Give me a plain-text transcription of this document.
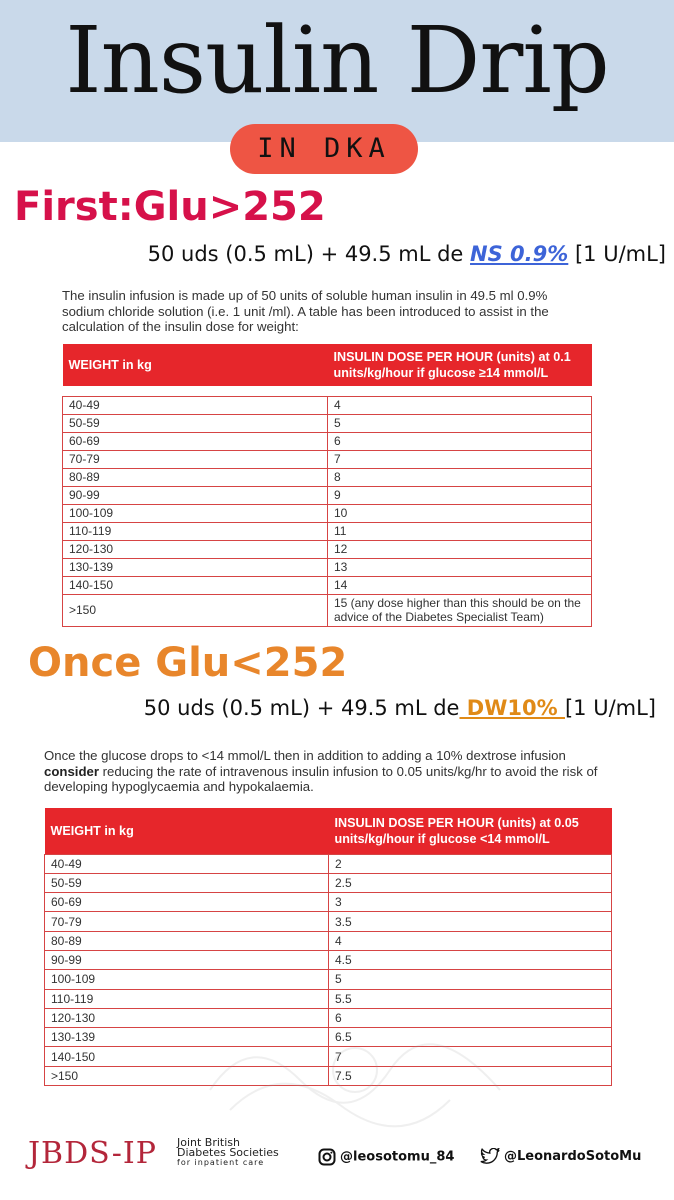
Insulin Drip
IN DKA
First:Glu>252
50 uds (0.5 mL) + 49.5 mL de NS 0.9% [1 U/mL]
The insulin infusion is made up of 50 units of soluble human insulin in 49.5 ml 0.9% sodium chloride solution (i.e. 1 unit /ml). A table has been introduced to assist in the calculation of the insulin dose for weight:
WEIGHT in kg	INSULIN DOSE PER HOUR (units) at 0.1 units/kg/hour if glucose ≥14 mmol/L

40-49	4
50-59	5
60-69	6
70-79	7
80-89	8
90-99	9
100-109	10
110-119	11
120-130	12
130-139	13
140-150	14
>150	15 (any dose higher than this should be on the advice of the Diabetes Specialist Team)
Once Glu<252
50 uds (0.5 mL) + 49.5 mL de DW10% [1 U/mL]
Once the glucose drops to <14 mmol/L then in addition to adding a 10% dextrose infusion consider reducing the rate of intravenous insulin infusion to 0.05 units/kg/hr to avoid the risk of developing hypoglycaemia and hypokalaemia.
WEIGHT in kg	INSULIN DOSE PER HOUR (units) at 0.05 units/kg/hour if glucose <14 mmol/L
40-49	2
50-59	2.5
60-69	3
70-79	3.5
80-89	4
90-99	4.5
100-109	5
110-119	5.5
120-130	6
130-139	6.5
140-150	7
>150	7.5
JBDS-IP Joint British
Diabetes Societies
for inpatient care	@leosotomu_84	@LeonardoSotoMu
